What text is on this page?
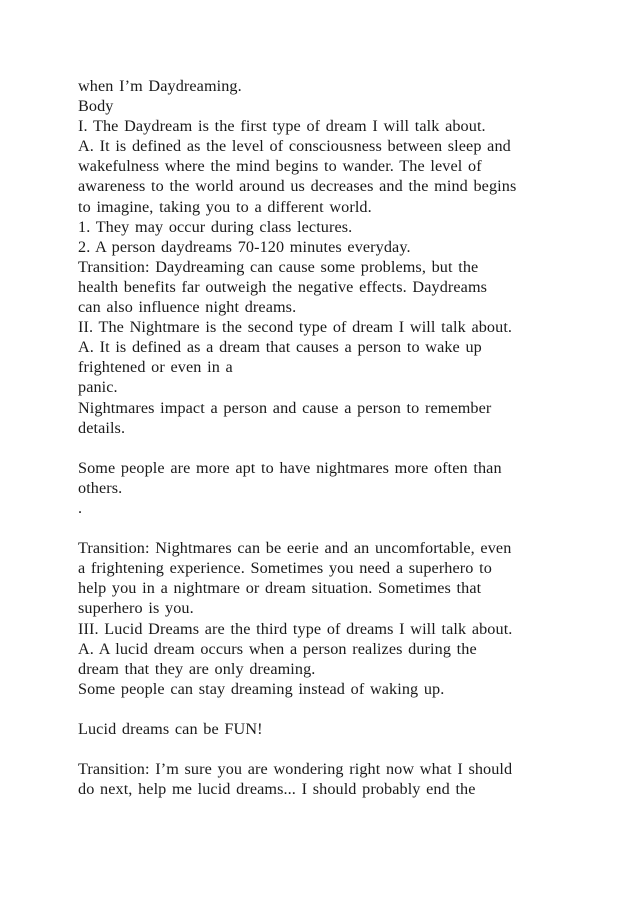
when I’m Daydreaming.
Body
I. The Daydream is the first type of dream I will talk about.
A. It is defined as the level of consciousness between sleep and
wakefulness where the mind begins to wander. The level of
awareness to the world around us decreases and the mind begins
to imagine, taking you to a different world.
1. They may occur during class lectures.
2. A person daydreams 70-120 minutes everyday.
Transition: Daydreaming can cause some problems, but the
health benefits far outweigh the negative effects. Daydreams
can also influence night dreams.
II. The Nightmare is the second type of dream I will talk about.
A. It is defined as a dream that causes a person to wake up
frightened or even in a
panic.
Nightmares impact a person and cause a person to remember
details.
Some people are more apt to have nightmares more often than
others.
.
Transition: Nightmares can be eerie and an uncomfortable, even
a frightening experience. Sometimes you need a superhero to
help you in a nightmare or dream situation. Sometimes that
superhero is you.
III. Lucid Dreams are the third type of dreams I will talk about.
A. A lucid dream occurs when a person realizes during the
dream that they are only dreaming.
Some people can stay dreaming instead of waking up.
Lucid dreams can be FUN!
Transition: I’m sure you are wondering right now what I should
do next, help me lucid dreams... I should probably end the
